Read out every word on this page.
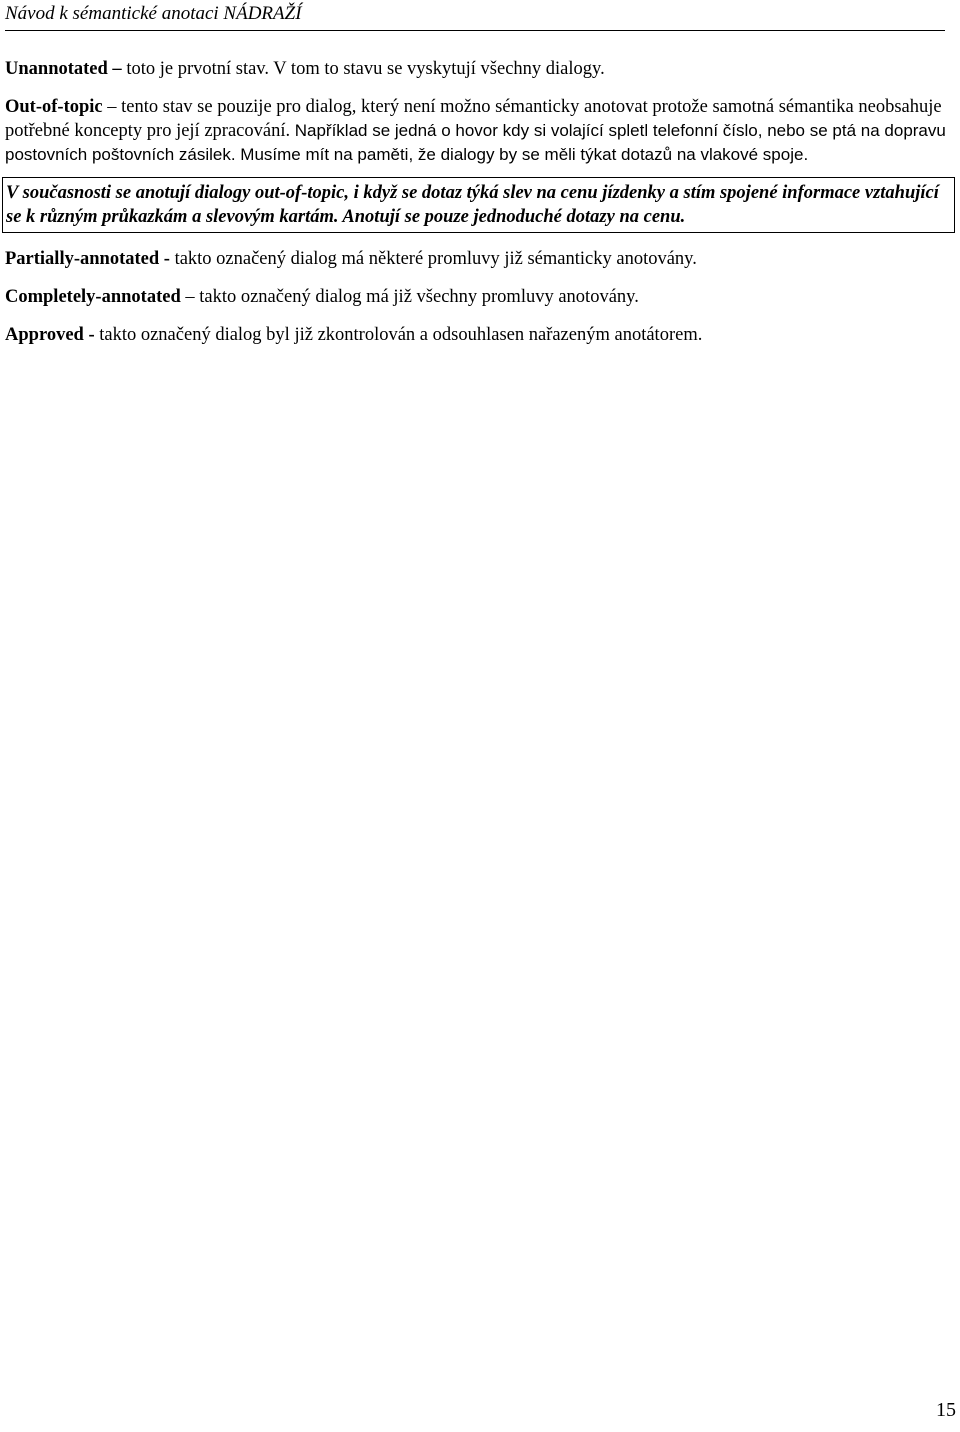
Návod k sémantické anotaci NÁDRAŽÍ

Unannotated – toto je prvotní stav. V tom to stavu se vyskytují všechny dialogy.

Out-of-topic – tento stav se pouzije pro dialog, který není možno sémanticky anotovat protože samotná sémantika neobsahuje potřebné koncepty pro její zpracování. Například se jedná o hovor kdy si volající spletl telefonní číslo, nebo se ptá na dopravu postovních poštovních zásilek. Musíme mít na paměti, že dialogy by se měli týkat dotazů na vlakové spoje.

V současnosti se anotují dialogy out-of-topic, i když se dotaz týká slev na cenu jízdenky a stím spojené informace vztahující se k různým průkazkám a slevovým kartám. Anotují se pouze jednoduché dotazy na cenu.

Partially-annotated - takto označený dialog má některé promluvy již sémanticky anotovány.

Completely-annotated – takto označený dialog má již všechny promluvy anotovány.

Approved - takto označený dialog byl již zkontrolován a odsouhlasen nařazeným anotátorem.

15
